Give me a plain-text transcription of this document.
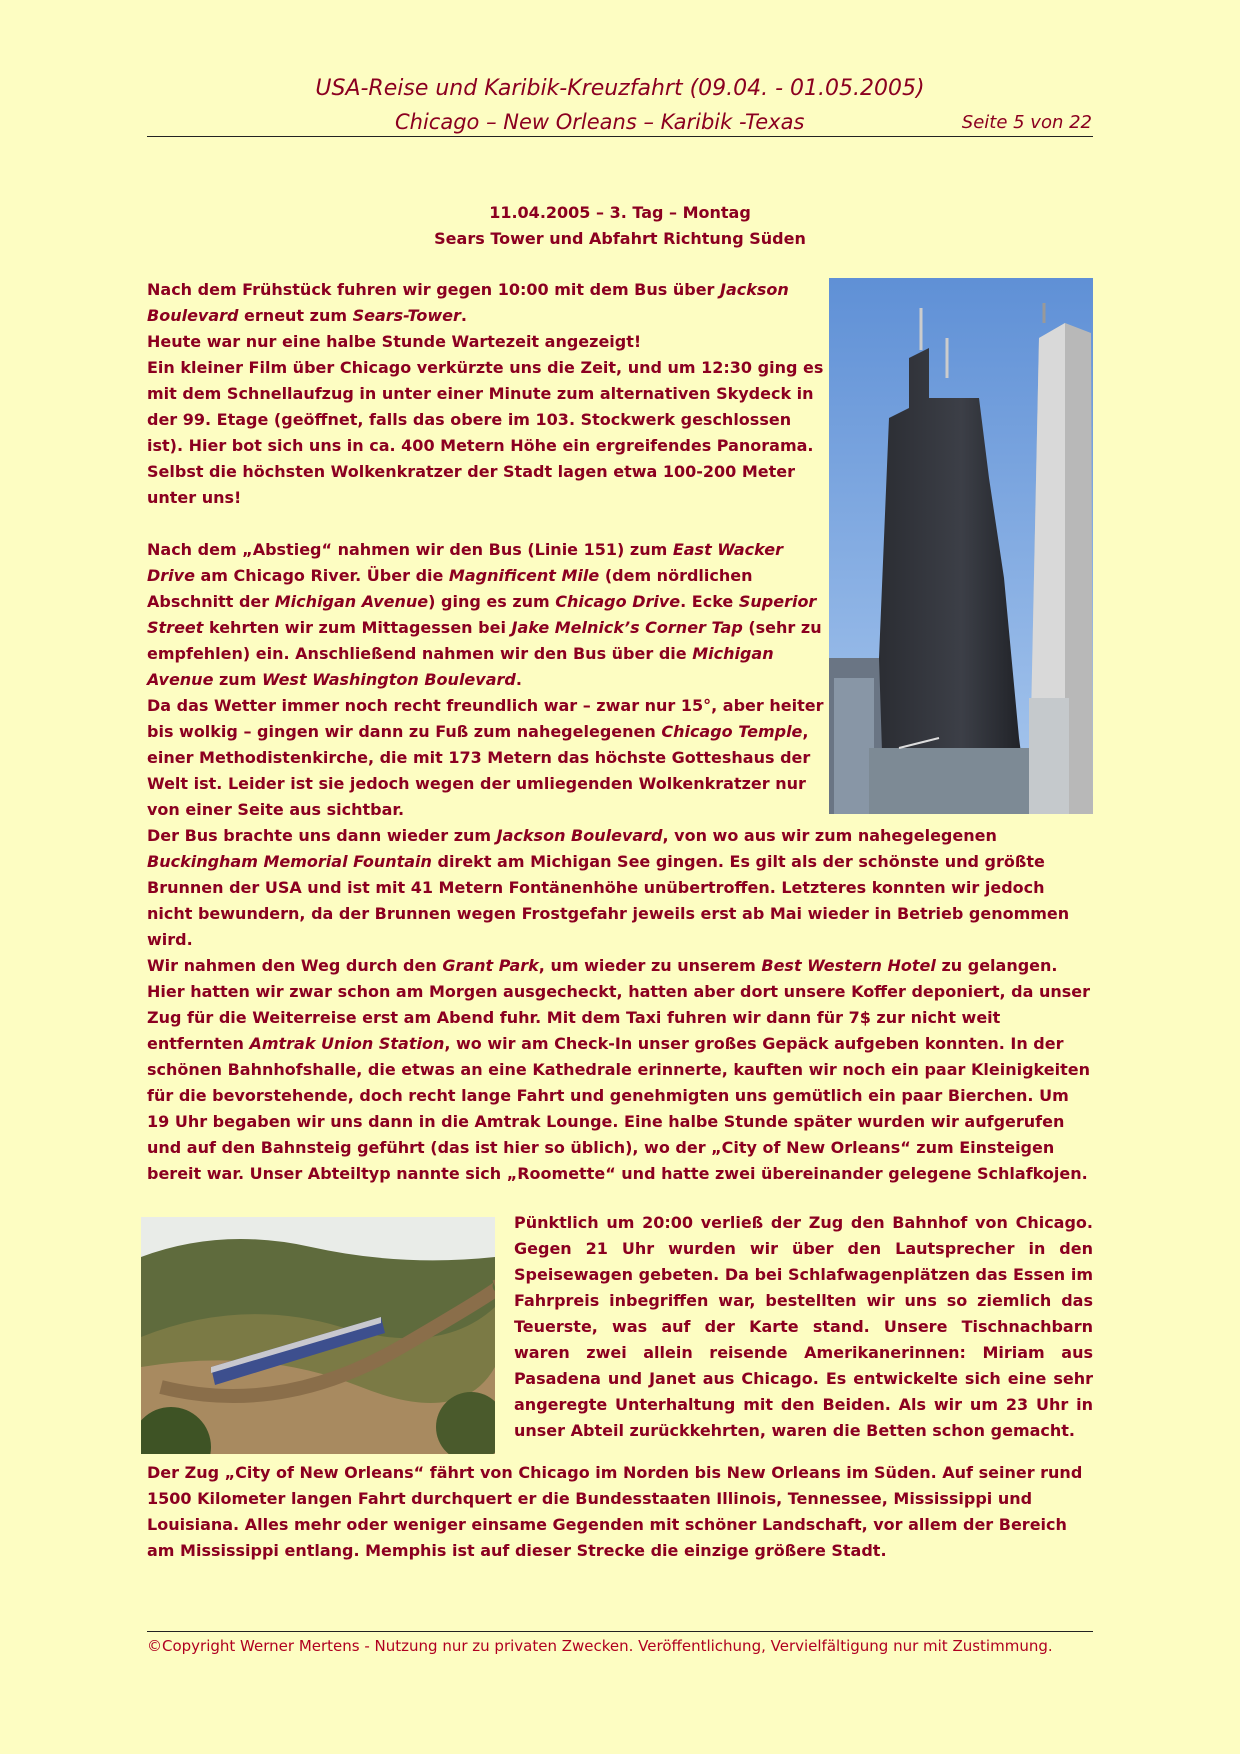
USA-Reise und Karibik-Kreuzfahrt (09.04. - 01.05.2005)
Chicago – New Orleans – Karibik -Texas	Seite 5 von 22
11.04.2005 – 3. Tag – Montag
Sears Tower und Abfahrt Richtung Süden

Nach dem Frühstück fuhren wir gegen 10:00 mit dem Bus über Jackson Boulevard erneut zum Sears-Tower.
Heute war nur eine halbe Stunde Wartezeit angezeigt!
Ein kleiner Film über Chicago verkürzte uns die Zeit, und um 12:30 ging es mit dem Schnellaufzug in unter einer Minute zum alternativen Skydeck in der 99. Etage (geöffnet, falls das obere im 103. Stockwerk geschlossen ist). Hier bot sich uns in ca. 400 Metern Höhe ein ergreifendes Panorama. Selbst die höchsten Wolkenkratzer der Stadt lagen etwa 100-200 Meter unter uns!

Nach dem „Abstieg“ nahmen wir den Bus (Linie 151) zum East Wacker Drive am Chicago River. Über die Magnificent Mile (dem nördlichen Abschnitt der Michigan Avenue) ging es zum Chicago Drive. Ecke Superior Street kehrten wir zum Mittagessen bei Jake Melnick’s Corner Tap (sehr zu empfehlen) ein. Anschließend nahmen wir den Bus über die Michigan Avenue zum West Washington Boulevard.
Da das Wetter immer noch recht freundlich war – zwar nur 15°, aber heiter bis wolkig – gingen wir dann zu Fuß zum nahegelegenen Chicago Temple, einer Methodistenkirche, die mit 173 Metern das höchste Gotteshaus der Welt ist. Leider ist sie jedoch wegen der umliegenden Wolkenkratzer nur von einer Seite aus sichtbar.

Der Bus brachte uns dann wieder zum Jackson Boulevard, von wo aus wir zum nahegelegenen Buckingham Memorial Fountain direkt am Michigan See gingen. Es gilt als der schönste und größte Brunnen der USA und ist mit 41 Metern Fontänenhöhe unübertroffen. Letzteres konnten wir jedoch nicht bewundern, da der Brunnen wegen Frostgefahr jeweils erst ab Mai wieder in Betrieb genommen wird.
Wir nahmen den Weg durch den Grant Park, um wieder zu unserem Best Western Hotel zu gelangen. Hier hatten wir zwar schon am Morgen ausgecheckt, hatten aber dort unsere Koffer deponiert, da unser Zug für die Weiterreise erst am Abend fuhr. Mit dem Taxi fuhren wir dann für 7$ zur nicht weit entfernten Amtrak Union Station, wo wir am Check-In unser großes Gepäck aufgeben konnten. In der schönen Bahnhofshalle, die etwas an eine Kathedrale erinnerte, kauften wir noch ein paar Kleinigkeiten für die bevorstehende, doch recht lange Fahrt und genehmigten uns gemütlich ein paar Bierchen. Um 19 Uhr begaben wir uns dann in die Amtrak Lounge. Eine halbe Stunde später wurden wir aufgerufen und auf den Bahnsteig geführt (das ist hier so üblich), wo der „City of New Orleans“ zum Einsteigen bereit war. Unser Abteiltyp nannte sich „Roomette“ und hatte zwei übereinander gelegene Schlafkojen.

Pünktlich um 20:00 verließ der Zug den Bahnhof von Chicago. Gegen 21 Uhr wurden wir über den Lautsprecher in den Speisewagen gebeten. Da bei Schlafwagenplätzen das Essen im Fahrpreis inbegriffen war, bestellten wir uns so ziemlich das Teuerste, was auf der Karte stand. Unsere Tischnachbarn waren zwei allein reisende Amerikanerinnen: Miriam aus Pasadena und Janet aus Chicago. Es entwickelte sich eine sehr angeregte Unterhaltung mit den Beiden. Als wir um 23 Uhr in unser Abteil zurückkehrten, waren die Betten schon gemacht.

Der Zug „City of New Orleans“ fährt von Chicago im Norden bis New Orleans im Süden. Auf seiner rund 1500 Kilometer langen Fahrt durchquert er die Bundesstaaten Illinois, Tennessee, Mississippi und Louisiana. Alles mehr oder weniger einsame Gegenden mit schöner Landschaft, vor allem der Bereich am Mississippi entlang. Memphis ist auf dieser Strecke die einzige größere Stadt.

©Copyright Werner Mertens - Nutzung nur zu privaten Zwecken. Veröffentlichung, Vervielfältigung nur mit Zustimmung.
